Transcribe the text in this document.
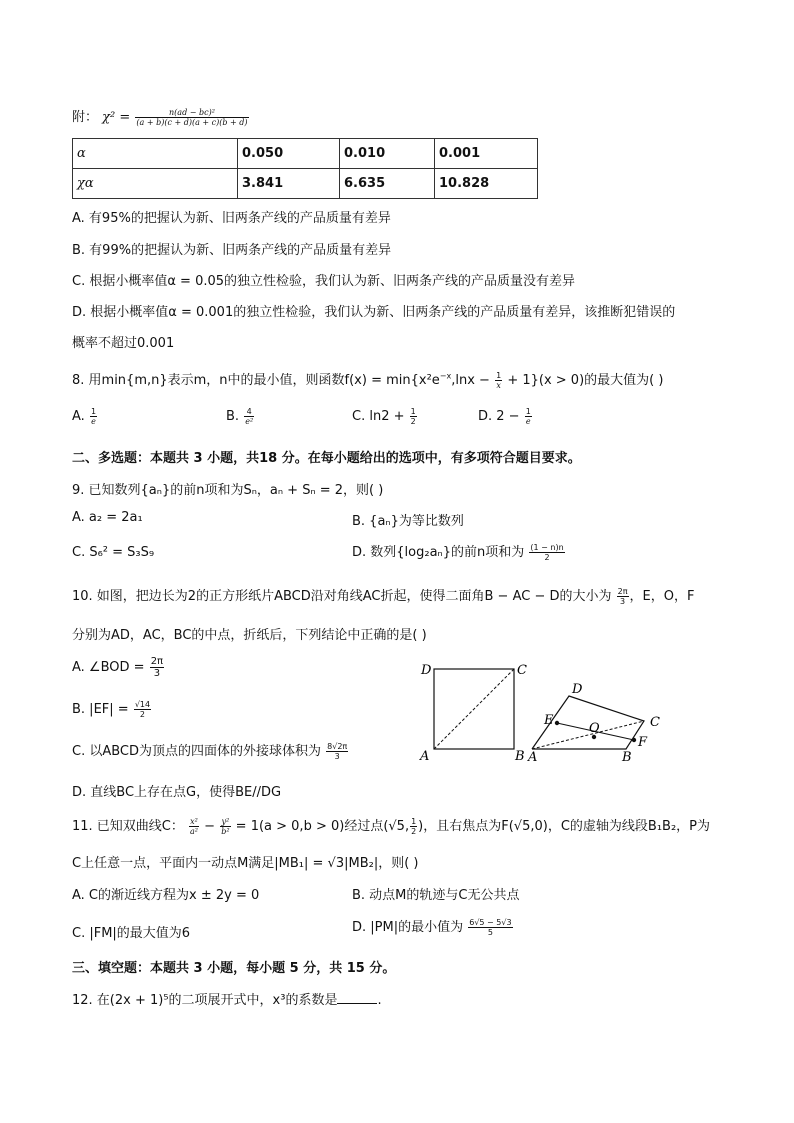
附： $\chi^2 = \frac{\text{n(ad − bc)²}}{(a + b)(c + d)(a + c)(b + d)}$
α	0.050	0.010	0.001
χα	3.841	6.635	10.828
A. 有95%的把握认为新、旧两条产线的产品质量有差异
B. 有99%的把握认为新、旧两条产线的产品质量有差异
C. 根据小概率值α = 0.05的独立性检验，我们认为新、旧两条产线的产品质量没有差异
D. 根据小概率值α = 0.001的独立性检验，我们认为新、旧两条产线的产品质量有差异，该推断犯错误的
概率不超过0.001
8. 用min{m,n}表示m，n中的最小值，则函数$f(x) = \min\{x^2e^{-x},\ln x - \frac{1}{x} + 1\}(x > 0)$的最大值为( )
A. $\frac{1}{e}$	B. $\frac{4}{\text{e²}}$	C. $\ln 2 + \frac{1}{2}$	D. $2 - \frac{1}{e}$
二、多选题：本题共 3 小题，共18 分。在每小题给出的选项中，有多项符合题目要求。
9. 已知数列{aₙ}的前n项和为Sₙ，aₙ + Sₙ = 2，则( )
A. a₂ = 2a₁	B. {aₙ}为等比数列
C. S₆² = S₃S₉	D. 数列{log₂aₙ}的前n项和为 $\frac{(1 - n)n}{2}$
10. 如图，把边长为2的正方形纸片ABCD沿对角线AC折起，使得二面角B − AC − D的大小为 $\frac{2\pi}{3}$ ，E，O，F
分别为AD，AC，BC的中点，折纸后，下列结论中正确的是( )
A. ∠BOD = $\frac{2\pi}{3}$
B. $|EF| = \frac{√14}{2}$
C. 以ABCD为顶点的四面体的外接球体积为 $\frac{8√2\pi}{3}$
D. 直线BC上存在点G，使得BE//DG
D	C
A	B
D
C
A	B
E
O
F
11. 已知双曲线C： $\frac{\text{x²}}{\text{a²}} - \frac{\text{y²}}{\text{b²}} = 1(a > 0,b > 0)$经过点(√5, $\frac{1}{2}$ )，且右焦点为F(√5,0)，C的虚轴为线段B₁B₂，P为
C上任意一点，平面内一动点M满足|MB₁| = √3|MB₂|，则( )
A. C的渐近线方程为x ± 2y = 0	B. 动点M的轨迹与C无公共点
C. |FM|的最大值为6	D. |PM|的最小值为 $\frac{6√5 - 5√3}{5}$
三、填空题：本题共 3 小题，每小题 5 分，共 15 分。
12. 在(2x + 1)⁵的二项展开式中，x³的系数是	.
